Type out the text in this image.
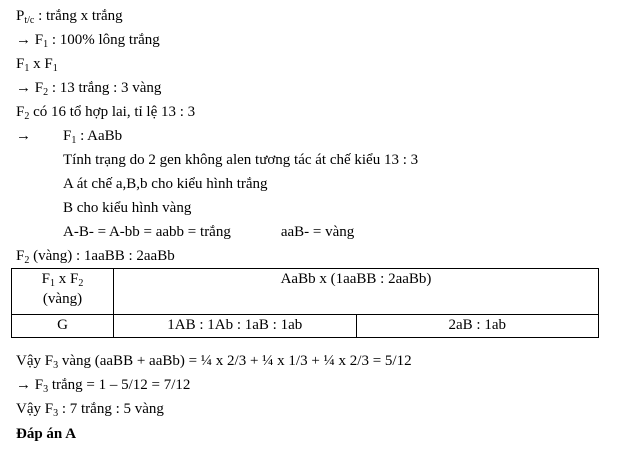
$P_{t/c}$ : trắng x trắng
→ $F_1$ : 100% lông trắng
$F_1$ x $F_1$
→ $F_2$ : 13 trắng : 3 vàng
$F_2$ có 16 tổ hợp lai, tỉ lệ 13 : 3
→ $F_1$ : AaBb
Tính trạng do 2 gen không alen tương tác át chế kiểu 13 : 3
A át chế a,B,b cho kiểu hình trắng
B cho kiểu hình vàng
A-B- = A-bb = aabb = trắng	aaB- = vàng
$F_2$ (vàng) : 1aaBB : 2aaBb
$F_1$ x $F_2$
(vàng)	AaBb x (1aaBB : 2aaBb)	
G	1AB : 1Ab : 1aB : 1ab	2aB : 1ab
Vậy $F_3$ vàng (aaBB + aaBb) = ¼ x 2/3 + ¼ x 1/3 + ¼ x 2/3 = 5/12
→ $F_3$ trắng = 1 – 5/12 = 7/12
Vậy $F_3$ : 7 trắng : 5 vàng
Đáp án A
